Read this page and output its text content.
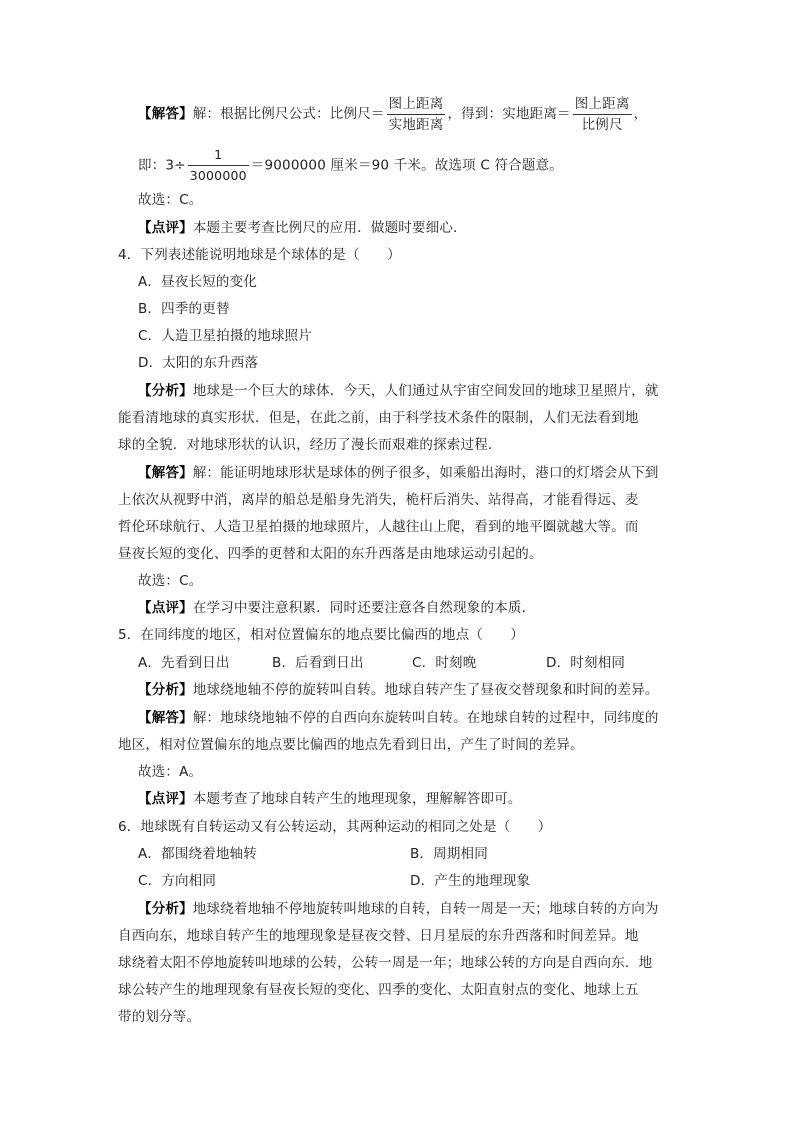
【解答】解：根据比例尺公式：比例尺＝ $\frac{\text{图上距离}}{\text{实地距离}}$ ，得到：实地距离＝ $\frac{\text{图上距离}}{\text{比例尺}}$ ，
即：$3\div \frac{1}{3000000} =9000000$ 厘米＝90 千米。故选项 C 符合题意。
故选：C。
【点评】本题主要考查比例尺的应用．做题时要细心．
4．下列表述能说明地球是个球体的是（　　）
A．昼夜长短的变化
B．四季的更替
C．人造卫星拍摄的地球照片
D．太阳的东升西落
【分析】地球是一个巨大的球体．今天，人们通过从宇宙空间发回的地球卫星照片，就
能看清地球的真实形状．但是，在此之前，由于科学技术条件的限制，人们无法看到地
球的全貌．对地球形状的认识，经历了漫长而艰难的探索过程．
【解答】解：能证明地球形状是球体的例子很多，如乘船出海时，港口的灯塔会从下到
上依次从视野中消，离岸的船总是船身先消失，桅杆后消失、站得高，才能看得远、麦
哲伦环球航行、人造卫星拍摄的地球照片，人越往山上爬，看到的地平圈就越大等。而
昼夜长短的变化、四季的更替和太阳的东升西落是由地球运动引起的。
故选：C。
【点评】在学习中要注意积累．同时还要注意各自然现象的本质．
5．在同纬度的地区，相对位置偏东的地点要比偏西的地点（　　）
A．先看到日出	B．后看到日出	C．时刻晚	D．时刻相同
【分析】地球绕地轴不停的旋转叫自转。地球自转产生了昼夜交替现象和时间的差异。
【解答】解：地球绕地轴不停的自西向东旋转叫自转。在地球自转的过程中，同纬度的
地区，相对位置偏东的地点要比偏西的地点先看到日出，产生了时间的差异。
故选：A。
【点评】本题考查了地球自转产生的地理现象，理解解答即可。
6．地球既有自转运动又有公转运动，其两种运动的相同之处是（　　）
A．都围绕着地轴转	B．周期相同
C．方向相同	D．产生的地理现象
【分析】地球绕着地轴不停地旋转叫地球的自转，自转一周是一天；地球自转的方向为
自西向东，地球自转产生的地理现象是昼夜交替、日月星辰的东升西落和时间差异。地
球绕着太阳不停地旋转叫地球的公转，公转一周是一年；地球公转的方向是自西向东．地
球公转产生的地理现象有昼夜长短的变化、四季的变化、太阳直射点的变化、地球上五
带的划分等。
